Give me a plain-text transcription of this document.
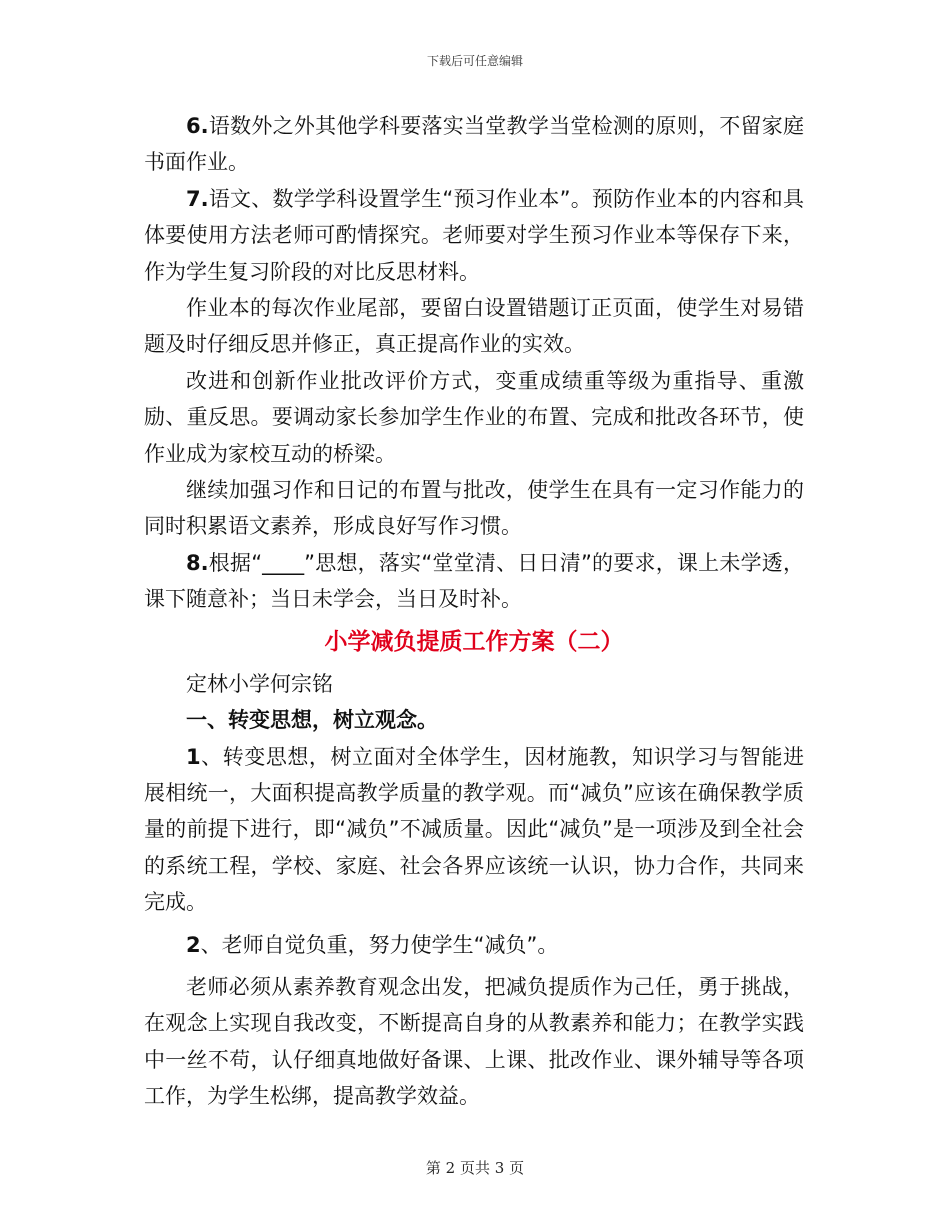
下载后可任意编辑

6.语数外之外其他学科要落实当堂教学当堂检测的原则，不留家庭书面作业。

7.语文、数学学科设置学生“预习作业本”。预防作业本的内容和具体要使用方法老师可酌情探究。老师要对学生预习作业本等保存下来，作为学生复习阶段的对比反思材料。

作业本的每次作业尾部，要留白设置错题订正页面，使学生对易错题及时仔细反思并修正，真正提高作业的实效。

改进和创新作业批改评价方式，变重成绩重等级为重指导、重激励、重反思。要调动家长参加学生作业的布置、完成和批改各环节，使作业成为家校互动的桥梁。

继续加强习作和日记的布置与批改，使学生在具有一定习作能力的同时积累语文素养，形成良好写作习惯。

8.根据“____”思想，落实“堂堂清、日日清”的要求，课上未学透，课下随意补；当日未学会，当日及时补。

小学减负提质工作方案（二）

定林小学何宗铭

一、转变思想，树立观念。

1、转变思想，树立面对全体学生，因材施教，知识学习与智能进展相统一，大面积提高教学质量的教学观。而“减负”应该在确保教学质量的前提下进行，即“减负”不减质量。因此“减负”是一项涉及到全社会的系统工程，学校、家庭、社会各界应该统一认识，协力合作，共同来完成。

2、老师自觉负重，努力使学生“减负”。

老师必须从素养教育观念出发，把减负提质作为己任，勇于挑战，在观念上实现自我改变，不断提高自身的从教素养和能力；在教学实践中一丝不苟，认仔细真地做好备课、上课、批改作业、课外辅导等各项工作，为学生松绑，提高教学效益。

第 2 页共 3 页
